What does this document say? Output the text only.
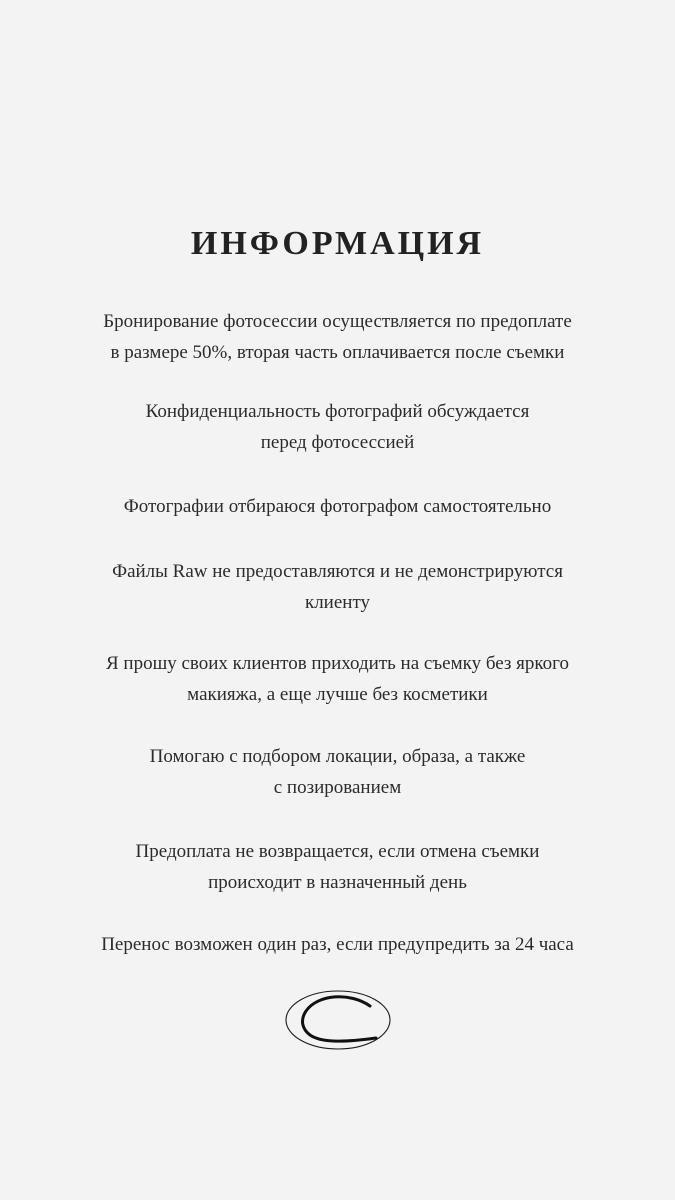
ИНФОРМАЦИЯ
Бронирование фотосессии осуществляется по предоплате
в размере 50%, вторая часть оплачивается после съемки
Конфиденциальность фотографий обсуждается
перед фотосессией
Фотографии отбираюся фотографом самостоятельно
Файлы Raw не предоставляются и не демонстрируются
клиенту
Я прошу своих клиентов приходить на съемку без яркого
макияжа, а еще лучше без косметики
Помогаю с подбором локации, образа, а также
с позированием
Предоплата не возвращается, если отмена съемки
происходит в назначенный день
Перенос возможен один раз, если предупредить за 24 часа
